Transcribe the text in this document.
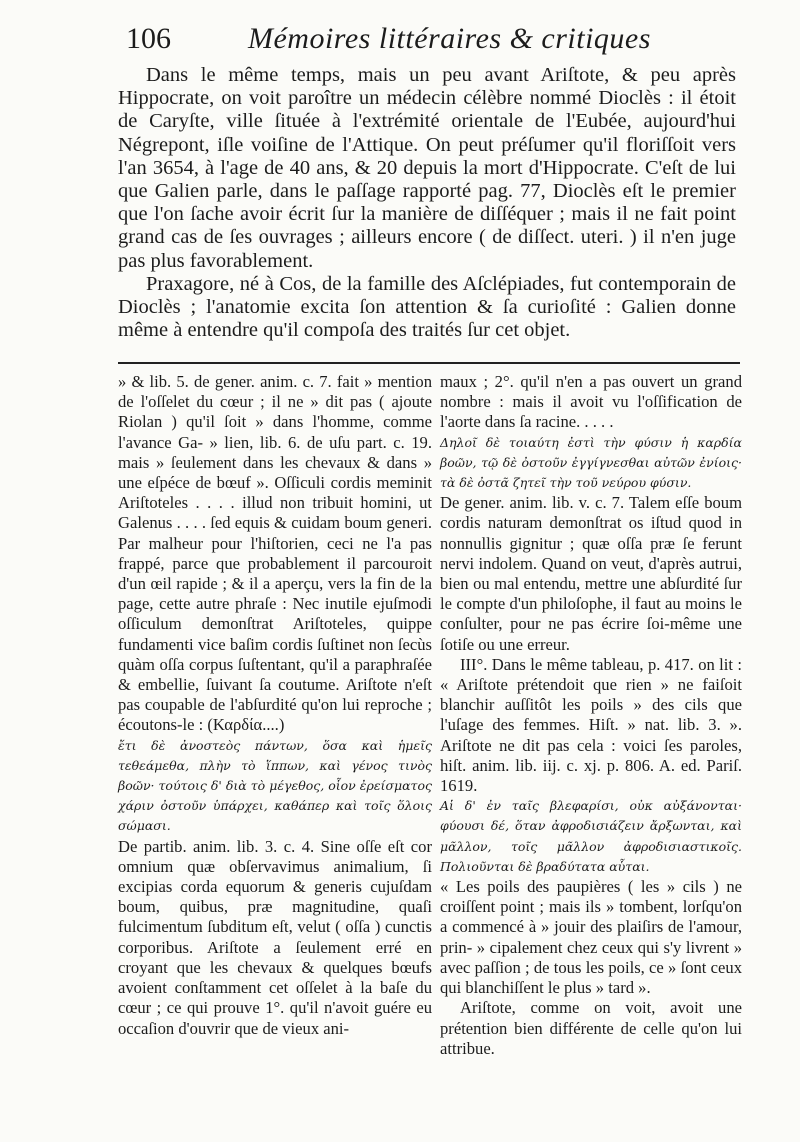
106	Mémoires littéraires & critiques

Dans le même temps, mais un peu avant Ariſtote, & peu après Hippocrate, on voit paroître un médecin célèbre nommé Dioclès : il étoit de Caryſte, ville ſituée à l'extrémité orientale de l'Eubée, aujourd'hui Négrepont, iſle voiſine de l'Attique. On peut préſumer qu'il floriſſoit vers l'an 3654, à l'age de 40 ans, & 20 depuis la mort d'Hippocrate. C'eſt de lui que Galien parle, dans le paſſage rapporté pag. 77, Dioclès eſt le premier que l'on ſache avoir écrit ſur la manière de diſſéquer ; mais il ne fait point grand cas de ſes ouvrages ; ailleurs encore ( de diſſect. uteri. ) il n'en juge pas plus favorablement.

Praxagore, né à Cos, de la famille des Aſclépiades, fut contemporain de Dioclès ; l'anatomie excita ſon attention & ſa curioſité : Galien donne même à entendre qu'il compoſa des traités ſur cet objet.

» & lib. 5. de gener. anim. c. 7. fait » mention de l'oſſelet du cœur ; il ne » dit pas ( ajoute Riolan ) qu'il ſoit » dans l'homme, comme l'avance Ga- » lien, lib. 6. de uſu part. c. 19. mais » ſeulement dans les chevaux & dans » une eſpéce de bœuf ». Oſſiculi cordis meminit Ariſtoteles . . . . illud non tribuit homini, ut Galenus . . . . ſed equis & cuidam boum generi. Par malheur pour l'hiſtorien, ceci ne l'a pas frappé, parce que probablement il parcouroit d'un œil rapide ; & il a aperçu, vers la fin de la page, cette autre phraſe : Nec inutile ejuſmodi oſſiculum demonſtrat Ariſtoteles, quippe fundamenti vice baſim cordis ſuſtinet non ſecùs quàm oſſa corpus ſuſtentant, qu'il a paraphraſée & embellie, ſuivant ſa coutume. Ariſtote n'eſt pas coupable de l'abſurdité qu'on lui reproche ; écoutons-le : (Καρδία....)

ἔτι δὲ ἀνοστεὸς πάντων, ὅσα καὶ ἡμεῖς τεθεάμεθα, πλὴν τὸ ἵππων, καὶ γένος τινὸς βοῶν· τούτοις δ' διὰ τὸ μέγεθος, οἷον ἐρείσματος χάριν ὀστοῦν ὑπάρχει, καθάπερ καὶ τοῖς ὅλοις σώμασι.

De partib. anim. lib. 3. c. 4. Sine oſſe eſt cor omnium quæ obſervavimus animalium, ſi excipias corda equorum & generis cujuſdam boum, quibus, præ magnitudine, quaſi fulcimentum ſubditum eſt, velut ( oſſa ) cunctis corporibus. Ariſtote a ſeulement erré en croyant que les chevaux & quelques bœufs avoient conſtamment cet oſſelet à la baſe du cœur ; ce qui prouve 1°. qu'il n'avoit guére eu occaſion d'ouvrir que de vieux ani-

maux ; 2°. qu'il n'en a pas ouvert un grand nombre : mais il avoit vu l'oſſification de l'aorte dans ſa racine. . . . .

Δηλοῖ δὲ τοιαύτη ἐστὶ τὴν φύσιν ἡ καρδία βοῶν, τῷ δὲ ὀστοῦν ἐγγίγνεσθαι αὐτῶν ἐνίοις· τὰ δὲ ὀστᾶ ζητεῖ τὴν τοῦ νεύρου φύσιν.

De gener. anim. lib. v. c. 7. Talem eſſe boum cordis naturam demonſtrat os iſtud quod in nonnullis gignitur ; quæ oſſa præ ſe ferunt nervi indolem. Quand on veut, d'après autrui, bien ou mal entendu, mettre une abſurdité ſur le compte d'un philoſophe, il faut au moins le conſulter, pour ne pas écrire ſoi-même une ſotiſe ou une erreur.

III°. Dans le même tableau, p. 417. on lit : « Ariſtote prétendoit que rien » ne faiſoit blanchir auſſitôt les poils » des cils que l'uſage des femmes. Hiſt. » nat. lib. 3. ». Ariſtote ne dit pas cela : voici ſes paroles, hiſt. anim. lib. iij. c. xj. p. 806. A. ed. Pariſ. 1619.

Αἱ δ' ἐν ταῖς βλεφαρίσι, οὐκ αὐξάνονται· φύουσι δέ, ὅταν ἀφροδισιάζειν ἄρξωνται, καὶ μᾶλλον, τοῖς μᾶλλον ἀφροδισιαστικοῖς. Πολιοῦνται δὲ βραδύτατα αὗται.

« Les poils des paupières ( les » cils ) ne croiſſent point ; mais ils » tombent, lorſqu'on a commencé à » jouir des plaiſirs de l'amour, prin- » cipalement chez ceux qui s'y livrent » avec paſſion ; de tous les poils, ce » ſont ceux qui blanchiſſent le plus » tard ».

Ariſtote, comme on voit, avoit une prétention bien différente de celle qu'on lui attribue.
